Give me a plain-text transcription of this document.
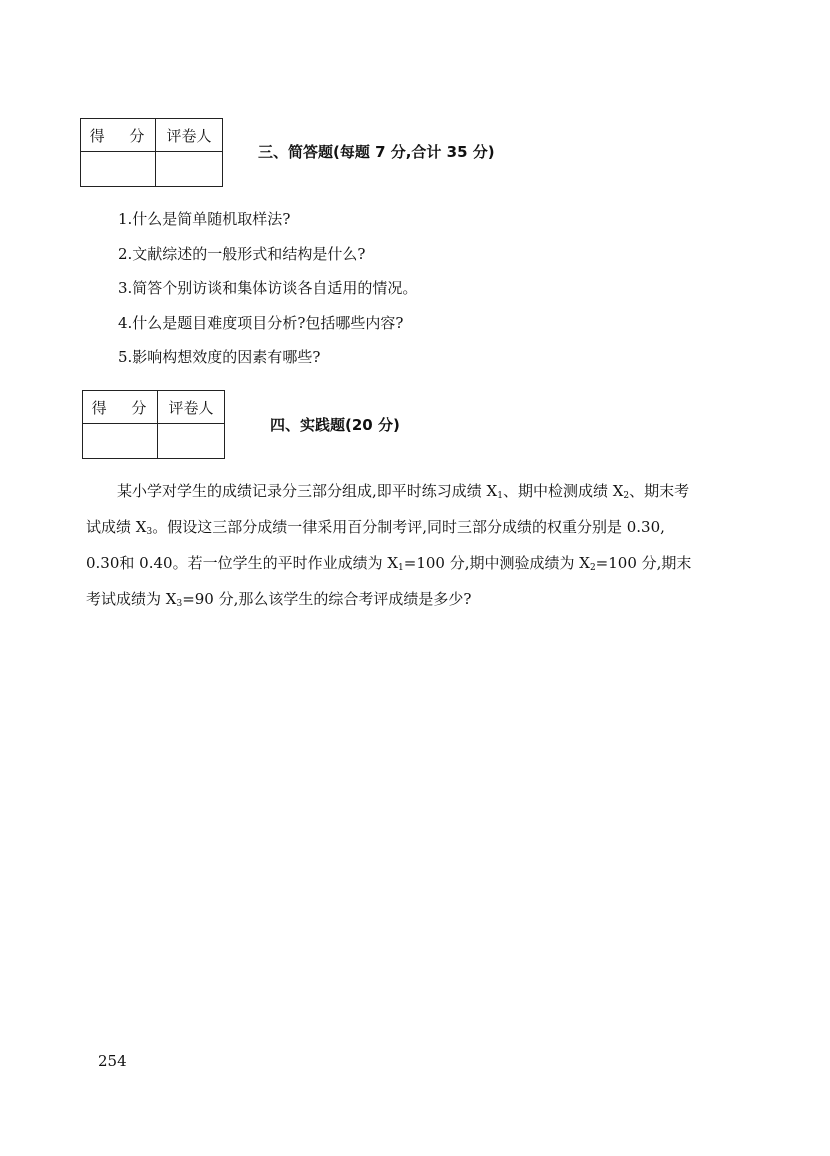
得 分	评卷人

三、简答题(每题 7 分,合计 35 分)
1.什么是简单随机取样法?
2.文献综述的一般形式和结构是什么?
3.简答个别访谈和集体访谈各自适用的情况。
4.什么是题目难度项目分析?包括哪些内容?
5.影响构想效度的因素有哪些?
得 分	评卷人

四、实践题(20 分)

某小学对学生的成绩记录分三部分组成,即平时练习成绩 $X_1$、期中检测成绩 $X_2$、期末考
试成绩 $X_3$。假设这三部分成绩一律采用百分制考评,同时三部分成绩的权重分别是 0.30,
0.30和 0.40。若一位学生的平时作业成绩为 $X_1=100$ 分,期中测验成绩为 $X_2=100$ 分,期末
考试成绩为 $X_3=90$ 分,那么该学生的综合考评成绩是多少?

254
